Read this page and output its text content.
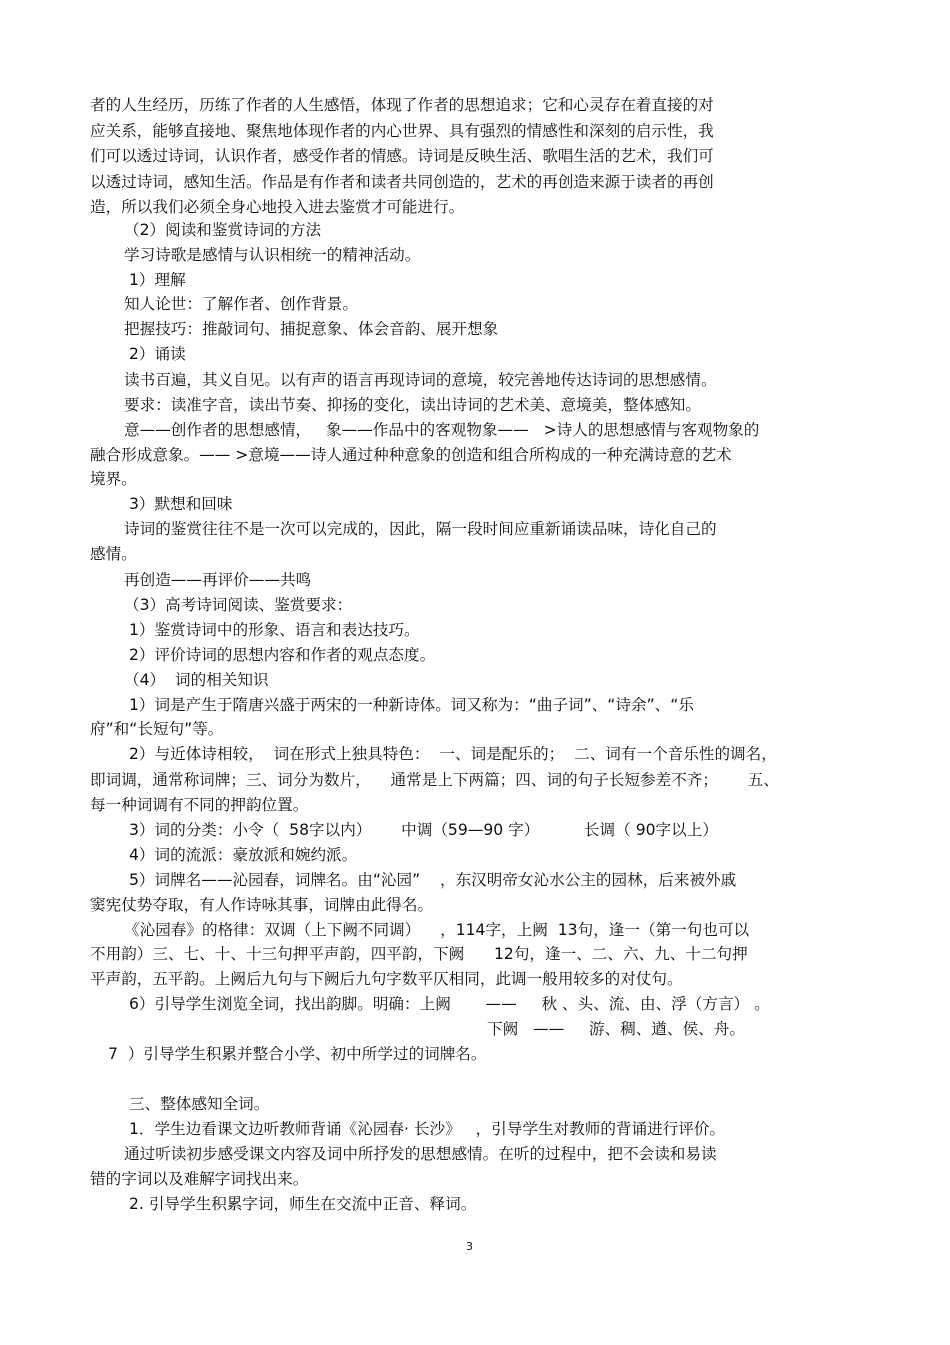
者的人生经历，历练了作者的人生感悟，体现了作者的思想追求；它和心灵存在着直接的对
应关系，能够直接地、聚焦地体现作者的内心世界、具有强烈的情感性和深刻的启示性，我
们可以透过诗词，认识作者，感受作者的情感。诗词是反映生活、歌唱生活的艺术，我们可
以透过诗词，感知生活。作品是有作者和读者共同创造的，艺术的再创造来源于读者的再创
造，所以我们必须全身心地投入进去鉴赏才可能进行。
（2）阅读和鉴赏诗词的方法
学习诗歌是感情与认识相统一的精神活动。
1）理解
知人论世：了解作者、创作背景。
把握技巧：推敲词句、捕捉意象、体会音韵、展开想象
2）诵读
读书百遍，其义自见。以有声的语言再现诗词的意境，较完善地传达诗词的思想感情。
要求：读准字音，读出节奏、抑扬的变化，读出诗词的艺术美、意境美，整体感知。
意——创作者的思想感情，   象——作品中的客观物象——   >诗人的思想感情与客观物象的
融合形成意象。—— >意境——诗人通过种种意象的创造和组合所构成的一种充满诗意的艺术
境界。
3）默想和回味
诗词的鉴赏往往不是一次可以完成的，因此，隔一段时间应重新诵读品味，诗化自己的
感情。
再创造——再评价——共鸣
（3）高考诗词阅读、鉴赏要求：
1）鉴赏诗词中的形象、语言和表达技巧。
2）评价诗词的思想内容和作者的观点态度。
（4）  词的相关知识
1）词是产生于隋唐兴盛于两宋的一种新诗体。词又称为：“曲子词”、“诗余”、“乐
府”和“长短句”等。
2）与近体诗相较，  词在形式上独具特色：  一、词是配乐的；  二、词有一个音乐性的调名，
即词调，通常称词牌；三、词分为数片，    通常是上下两篇；四、词的句子长短参差不齐；      五、
每一种词调有不同的押韵位置。
3）词的分类：小令（  58字以内）      中调（59—90 字）         长调（ 90字以上）
4）词的流派：豪放派和婉约派。
5）词牌名——沁园春，词牌名。由“沁园”    ，东汉明帝女沁水公主的园林，后来被外戚
窦宪仗势夺取，有人作诗咏其事，词牌由此得名。
《沁园春》的格律：双调（上下阙不同调）    ，114字，上阙  13句，逢一（第一句也可以
不用韵）三、七、十、十三句押平声韵，四平韵，下阙      12句，逢一、二、六、九、十二句押
平声韵，五平韵。上阙后九句与下阙后九句字数平仄相同，此调一般用较多的对仗句。
6）引导学生浏览全词，找出韵脚。明确：上阙       ——     秋 、头、流、由、浮（方言） 。
下阙   ——     游、稠、遒、侯、舟。
7  ）引导学生积累并整合小学、初中所学过的词牌名。
三、整体感知全词。
1．学生边看课文边听教师背诵《沁园春· 长沙》   ，引导学生对教师的背诵进行评价。
通过听读初步感受课文内容及词中所抒发的思想感情。在听的过程中，把不会读和易读
错的字词以及难解字词找出来。
2. 引导学生积累字词，师生在交流中正音、释词。
3
